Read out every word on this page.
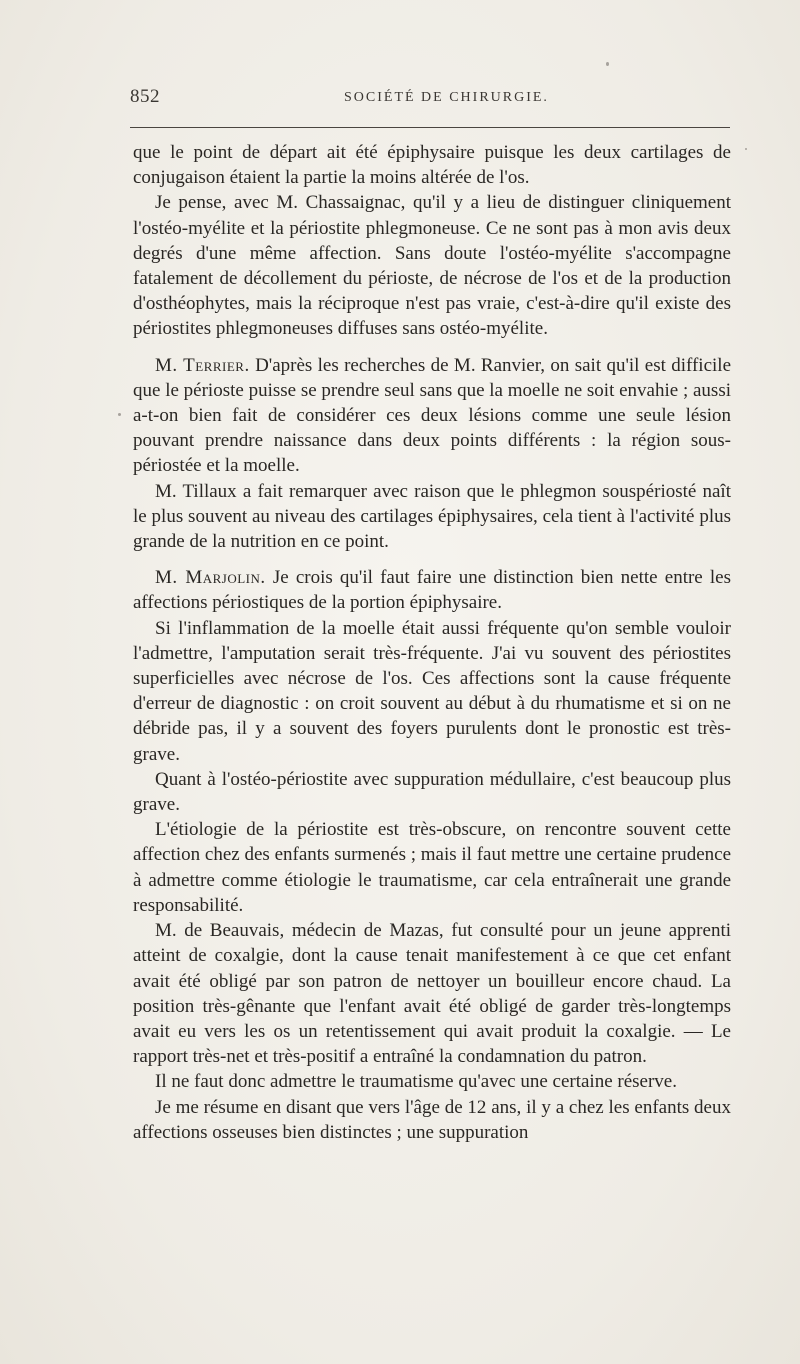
852	SOCIÉTÉ DE CHIRURGIE.

que le point de départ ait été épiphysaire puisque les deux cartilages de conjugaison étaient la partie la moins altérée de l'os.

Je pense, avec M. Chassaignac, qu'il y a lieu de distinguer cliniquement l'ostéo-myélite et la périostite phlegmoneuse. Ce ne sont pas à mon avis deux degrés d'une même affection. Sans doute l'ostéo-myélite s'accompagne fatalement de décollement du périoste, de nécrose de l'os et de la production d'osthéophytes, mais la réciproque n'est pas vraie, c'est-à-dire qu'il existe des périostites phlegmoneuses diffuses sans ostéo-myélite.

M. Terrier. D'après les recherches de M. Ranvier, on sait qu'il est difficile que le périoste puisse se prendre seul sans que la moelle ne soit envahie ; aussi a-t-on bien fait de considérer ces deux lésions comme une seule lésion pouvant prendre naissance dans deux points différents : la région sous-périostée et la moelle.

M. Tillaux a fait remarquer avec raison que le phlegmon souspériosté naît le plus souvent au niveau des cartilages épiphysaires, cela tient à l'activité plus grande de la nutrition en ce point.

M. Marjolin. Je crois qu'il faut faire une distinction bien nette entre les affections périostiques de la portion épiphysaire.

Si l'inflammation de la moelle était aussi fréquente qu'on semble vouloir l'admettre, l'amputation serait très-fréquente. J'ai vu souvent des périostites superficielles avec nécrose de l'os. Ces affections sont la cause fréquente d'erreur de diagnostic : on croit souvent au début à du rhumatisme et si on ne débride pas, il y a souvent des foyers purulents dont le pronostic est très-grave.

Quant à l'ostéo-périostite avec suppuration médullaire, c'est beaucoup plus grave.

L'étiologie de la périostite est très-obscure, on rencontre souvent cette affection chez des enfants surmenés ; mais il faut mettre une certaine prudence à admettre comme étiologie le traumatisme, car cela entraînerait une grande responsabilité.

M. de Beauvais, médecin de Mazas, fut consulté pour un jeune apprenti atteint de coxalgie, dont la cause tenait manifestement à ce que cet enfant avait été obligé par son patron de nettoyer un bouilleur encore chaud. La position très-gênante que l'enfant avait été obligé de garder très-longtemps avait eu vers les os un retentissement qui avait produit la coxalgie. — Le rapport très-net et très-positif a entraîné la condamnation du patron.

Il ne faut donc admettre le traumatisme qu'avec une certaine réserve.

Je me résume en disant que vers l'âge de 12 ans, il y a chez les enfants deux affections osseuses bien distinctes ; une suppuration
